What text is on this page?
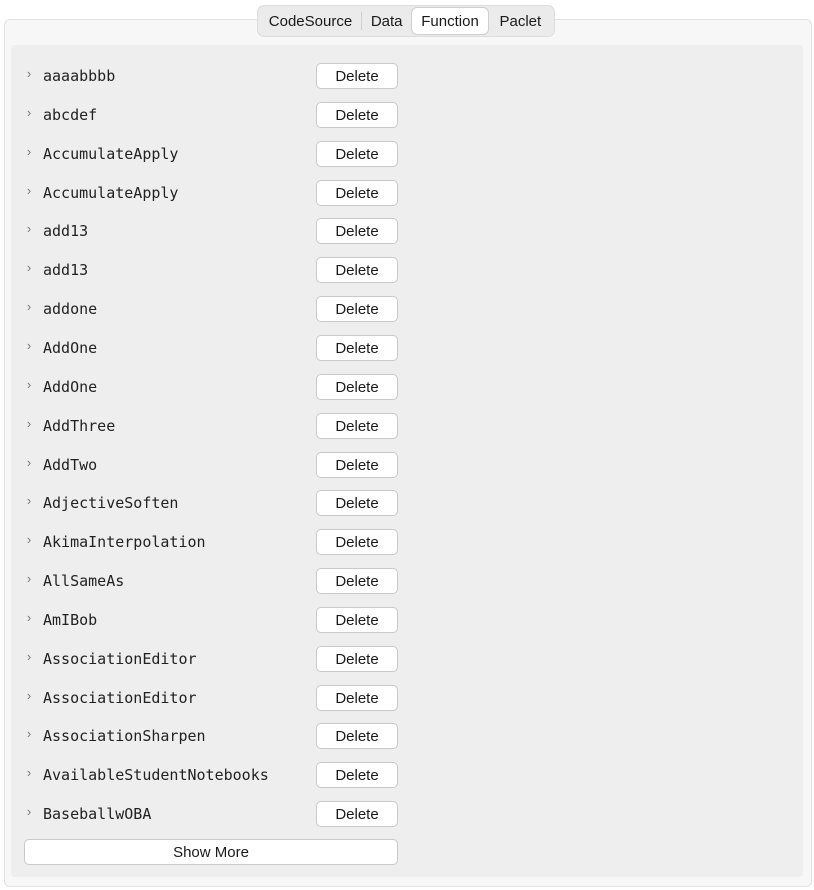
CodeSource	Data	Function	Paclet
› aaaabbbb	Delete
› abcdef	Delete
› AccumulateApply	Delete
› AccumulateApply	Delete
› add13	Delete
› add13	Delete
› addone	Delete
› AddOne	Delete
› AddOne	Delete
› AddThree	Delete
› AddTwo	Delete
› AdjectiveSoften	Delete
› AkimaInterpolation	Delete
› AllSameAs	Delete
› AmIBob	Delete
› AssociationEditor	Delete
› AssociationEditor	Delete
› AssociationSharpen	Delete
› AvailableStudentNotebooks	Delete
› BaseballwOBA	Delete
Show More
